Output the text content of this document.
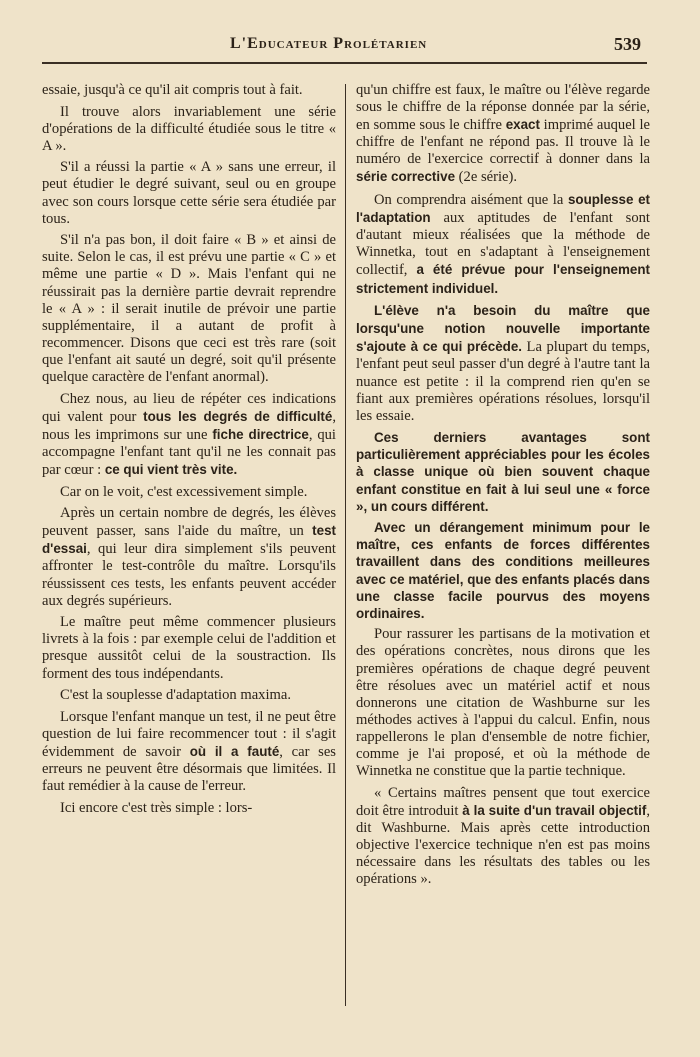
L'Educateur Prolétarien	539

essaie, jusqu'à ce qu'il ait compris tout à fait.

Il trouve alors invariablement une série d'opérations de la difficulté étudiée sous le titre « A ».

S'il a réussi la partie « A » sans une erreur, il peut étudier le degré suivant, seul ou en groupe avec son cours lorsque cette série sera étudiée par tous.

S'il n'a pas bon, il doit faire « B » et ainsi de suite. Selon le cas, il est prévu une partie « C » et même une partie « D ». Mais l'enfant qui ne réussirait pas la dernière partie devrait reprendre le « A » : il serait inutile de prévoir une partie supplémentaire, il a autant de profit à recommencer. Disons que ceci est très rare (soit que l'enfant ait sauté un degré, soit qu'il présente quelque caractère de l'enfant anormal).

Chez nous, au lieu de répéter ces indications qui valent pour tous les degrés de difficulté, nous les imprimons sur une fiche directrice, qui accompagne l'enfant tant qu'il ne les connait pas par cœur : ce qui vient très vite.

Car on le voit, c'est excessivement simple.

Après un certain nombre de degrés, les élèves peuvent passer, sans l'aide du maître, un test d'essai, qui leur dira simplement s'ils peuvent affronter le test-contrôle du maître. Lorsqu'ils réussissent ces tests, les enfants peuvent accéder aux degrés supérieurs.

Le maître peut même commencer plusieurs livrets à la fois : par exemple celui de l'addition et presque aussitôt celui de la soustraction. Ils forment des tous indépendants.

C'est la souplesse d'adaptation maxima.

Lorsque l'enfant manque un test, il ne peut être question de lui faire recommencer tout : il s'agit évidemment de savoir où il a fauté, car ses erreurs ne peuvent être désormais que limitées. Il faut remédier à la cause de l'erreur.

Ici encore c'est très simple : lors-

qu'un chiffre est faux, le maître ou l'élève regarde sous le chiffre de la réponse donnée par la série, en somme sous le chiffre exact imprimé auquel le chiffre de l'enfant ne répond pas. Il trouve là le numéro de l'exercice correctif à donner dans la série corrective (2e série).

On comprendra aisément que la souplesse et l'adaptation aux aptitudes de l'enfant sont d'autant mieux réalisées que la méthode de Winnetka, tout en s'adaptant à l'enseignement collectif, a été prévue pour l'enseignement strictement individuel.

L'élève n'a besoin du maître que lorsqu'une notion nouvelle importante s'ajoute à ce qui précède. La plupart du temps, l'enfant peut seul passer d'un degré à l'autre tant la nuance est petite : il la comprend rien qu'en se fiant aux premières opérations résolues, lorsqu'il les essaie.

Ces derniers avantages sont particulièrement appréciables pour les écoles à classe unique où bien souvent chaque enfant constitue en fait à lui seul une « force », un cours différent.

Avec un dérangement minimum pour le maître, ces enfants de forces différentes travaillent dans des conditions meilleures avec ce matériel, que des enfants placés dans une classe facile pourvus des moyens ordinaires.

Pour rassurer les partisans de la motivation et des opérations concrètes, nous dirons que les premières opérations de chaque degré peuvent être résolues avec un matériel actif et nous donnerons une citation de Washburne sur les méthodes actives à l'appui du calcul. Enfin, nous rappellerons le plan d'ensemble de notre fichier, comme je l'ai proposé, et où la méthode de Winnetka ne constitue que la partie technique.

« Certains maîtres pensent que tout exercice doit être introduit à la suite d'un travail objectif, dit Washburne. Mais après cette introduction objective l'exercice technique n'en est pas moins nécessaire dans les résultats des tables ou les opérations ».
